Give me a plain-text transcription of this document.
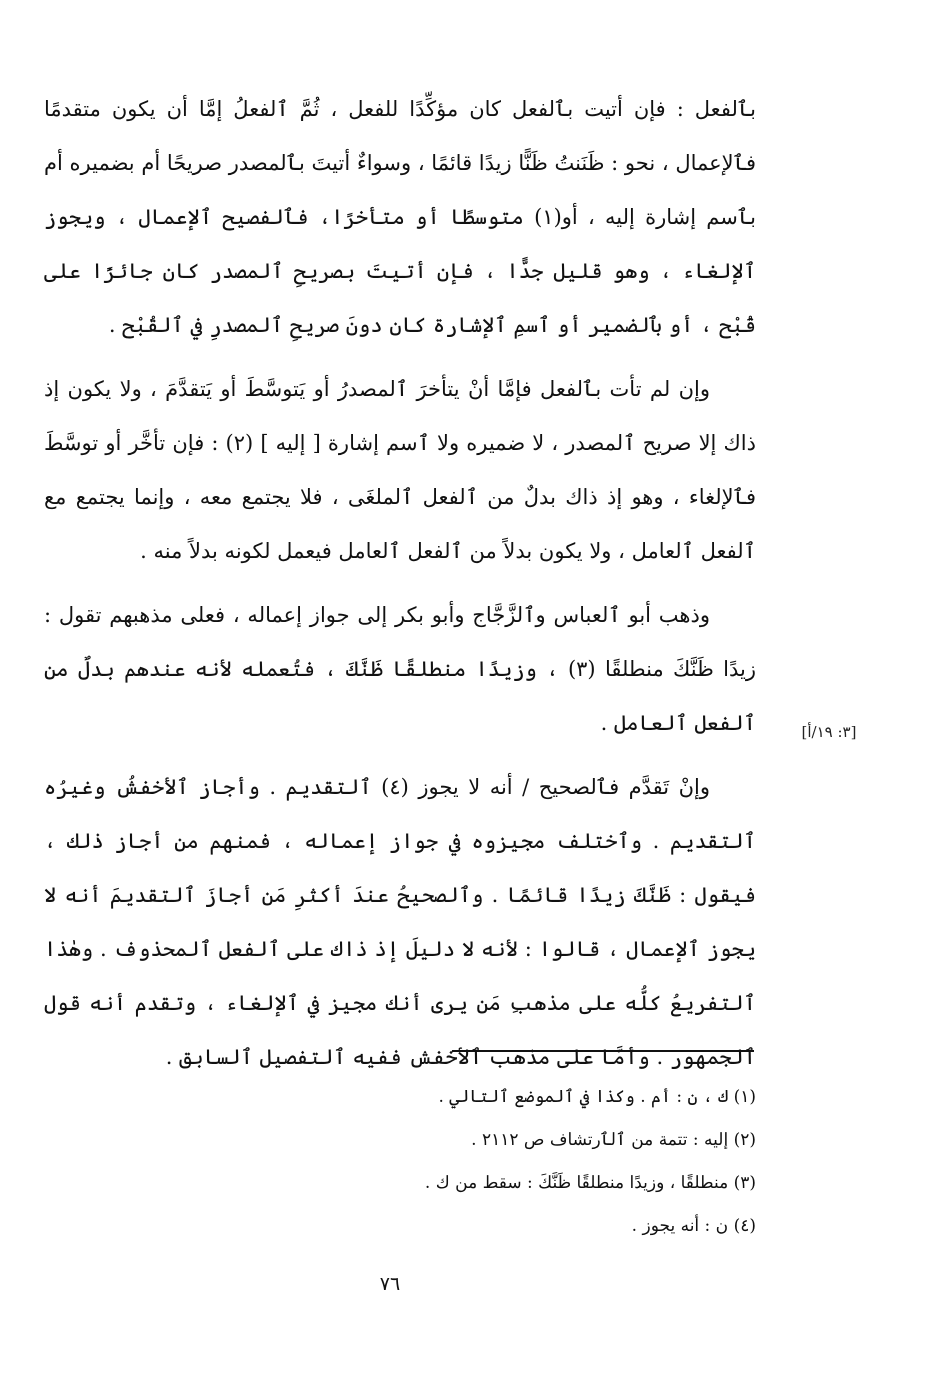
بٱلفعل : فإن أتيت بٱلفعل كان مؤكِّدًا للفعل ، ثُمَّ ٱلفعلُ إمَّا أن يكون متقدمًا فٱلإعمال ، نحو : ظَنَنتُ ظَنًّا زيدًا قائمًا ، وسواءٌ أتيتَ بٱلمصدر صريحًا أم بضميره أم بٱسم إشارة إليه ، أو(١) متوسطًا أو متأخرًا، فٱلفصيح ٱلإعمال ، ويجوز ٱلإلغاء ، وهو قليل جدًّا ، فإن أتيتَ بصريحِ ٱلمصدر كان جائزًا على قُبْح ، أو بٱلضمير أو ٱسمِ ٱلإشارة كان دونَ صريحِ ٱلمصدرِ في ٱلقُبْح .

وإن لم تأت بٱلفعل فإمَّا أنْ يتأخرَ ٱلمصدرُ أو يَتوسَّطَ أو يَتقدَّمَ ، ولا يكون إذ ذاك إلا صريح ٱلمصدر ، لا ضميره ولا ٱسم إشارة [ إليه ] (٢) : فإن تأخَّر أو توسَّطَ فٱلإلغاء ، وهو إذ ذاك بدلٌ من ٱلفعل ٱلملغَى ، فلا يجتمع معه ، وإنما يجتمع مع ٱلفعل ٱلعامل ، ولا يكون بدلاً من ٱلفعل ٱلعامل فيعمل لكونه بدلاً منه .

وذهب أبو ٱلعباس وٱلزَّجَّاج وأبو بكر إلى جواز إعماله ، فعلى مذهبهم تقول : زيدًا ظَنَّكَ منطلقًا (٣) ، وزيدًا منطلقًا ظَنَّكَ ، فتُعمله لأنه عندهم بدلٌ من ٱلفعل ٱلعامل .

وإنْ تَقدَّم فٱلصحيح / أنه لا يجوز (٤) ٱلتقديم . وأجاز ٱلأخفشُ وغيرُه ٱلتقديم . وٱختلف مجيزوه في جواز إعماله ، فمنهم من أجاز ذٰلك ، فيقول : ظَنَّكَ زيدًا قائمًا . وٱلصحيحُ عندَ أكثرِ مَن أجازَ ٱلتقديمَ أنه لا يجوز ٱلإعمال ، قالوا : لأنه لا دليلَ إذ ذاك على ٱلفعل ٱلمحذوف . وهٰذا ٱلتفريعُ كلُّه على مذهبِ مَن يرى أنك مجيز في ٱلإلغاء ، وتقدم أنه قول ٱلجمهور . وأمَّا على مذهب ٱلأخفش ففيه ٱلتفصيل ٱلسابق .

[٣: ١٩/أ]

(١) ك ، ن : أم . وكذا في ٱلموضع ٱلتالي .

(٢) إليه : تتمة من ٱلٱرتشاف ص ٢١١٢ .

(٣) منطلقًا ، وزيدًا منطلقًا ظَنَّكَ : سقط من ك .

(٤) ن : أنه يجوز .

٧٦
